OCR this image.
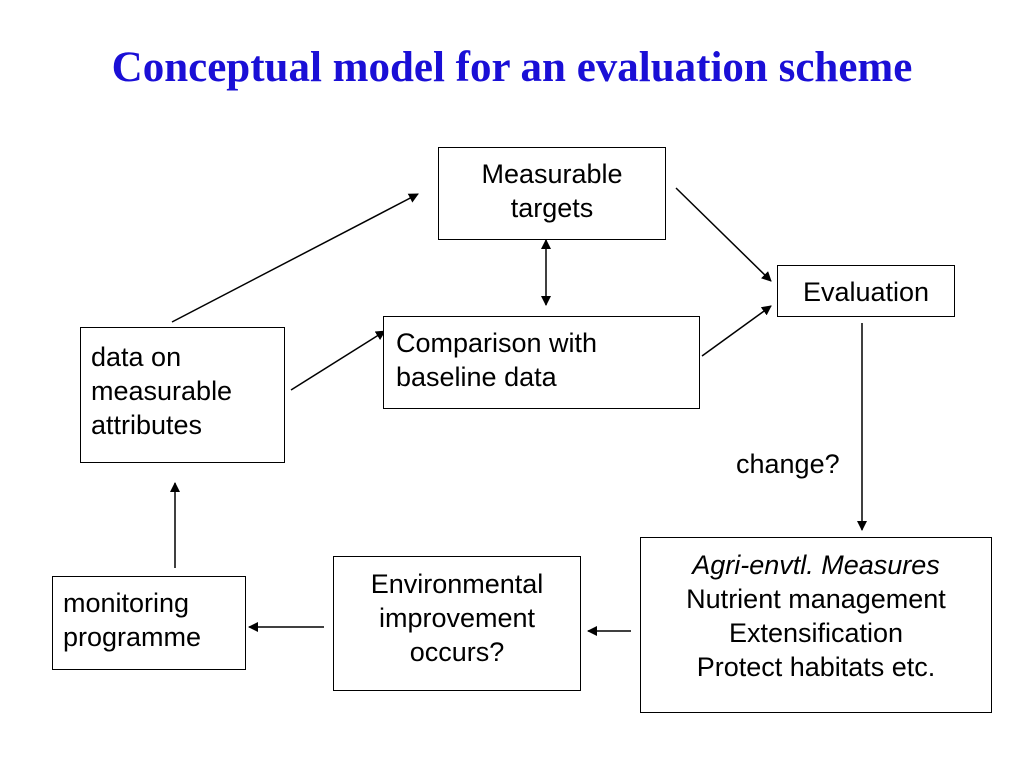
Conceptual model for an evaluation scheme
Measurable
targets
Evaluation
Comparison with
baseline data
data on
measurable
attributes
change?
Agri-envtl. Measures
Nutrient management
Extensification
Protect habitats etc.
Environmental
improvement
occurs?
monitoring
programme
